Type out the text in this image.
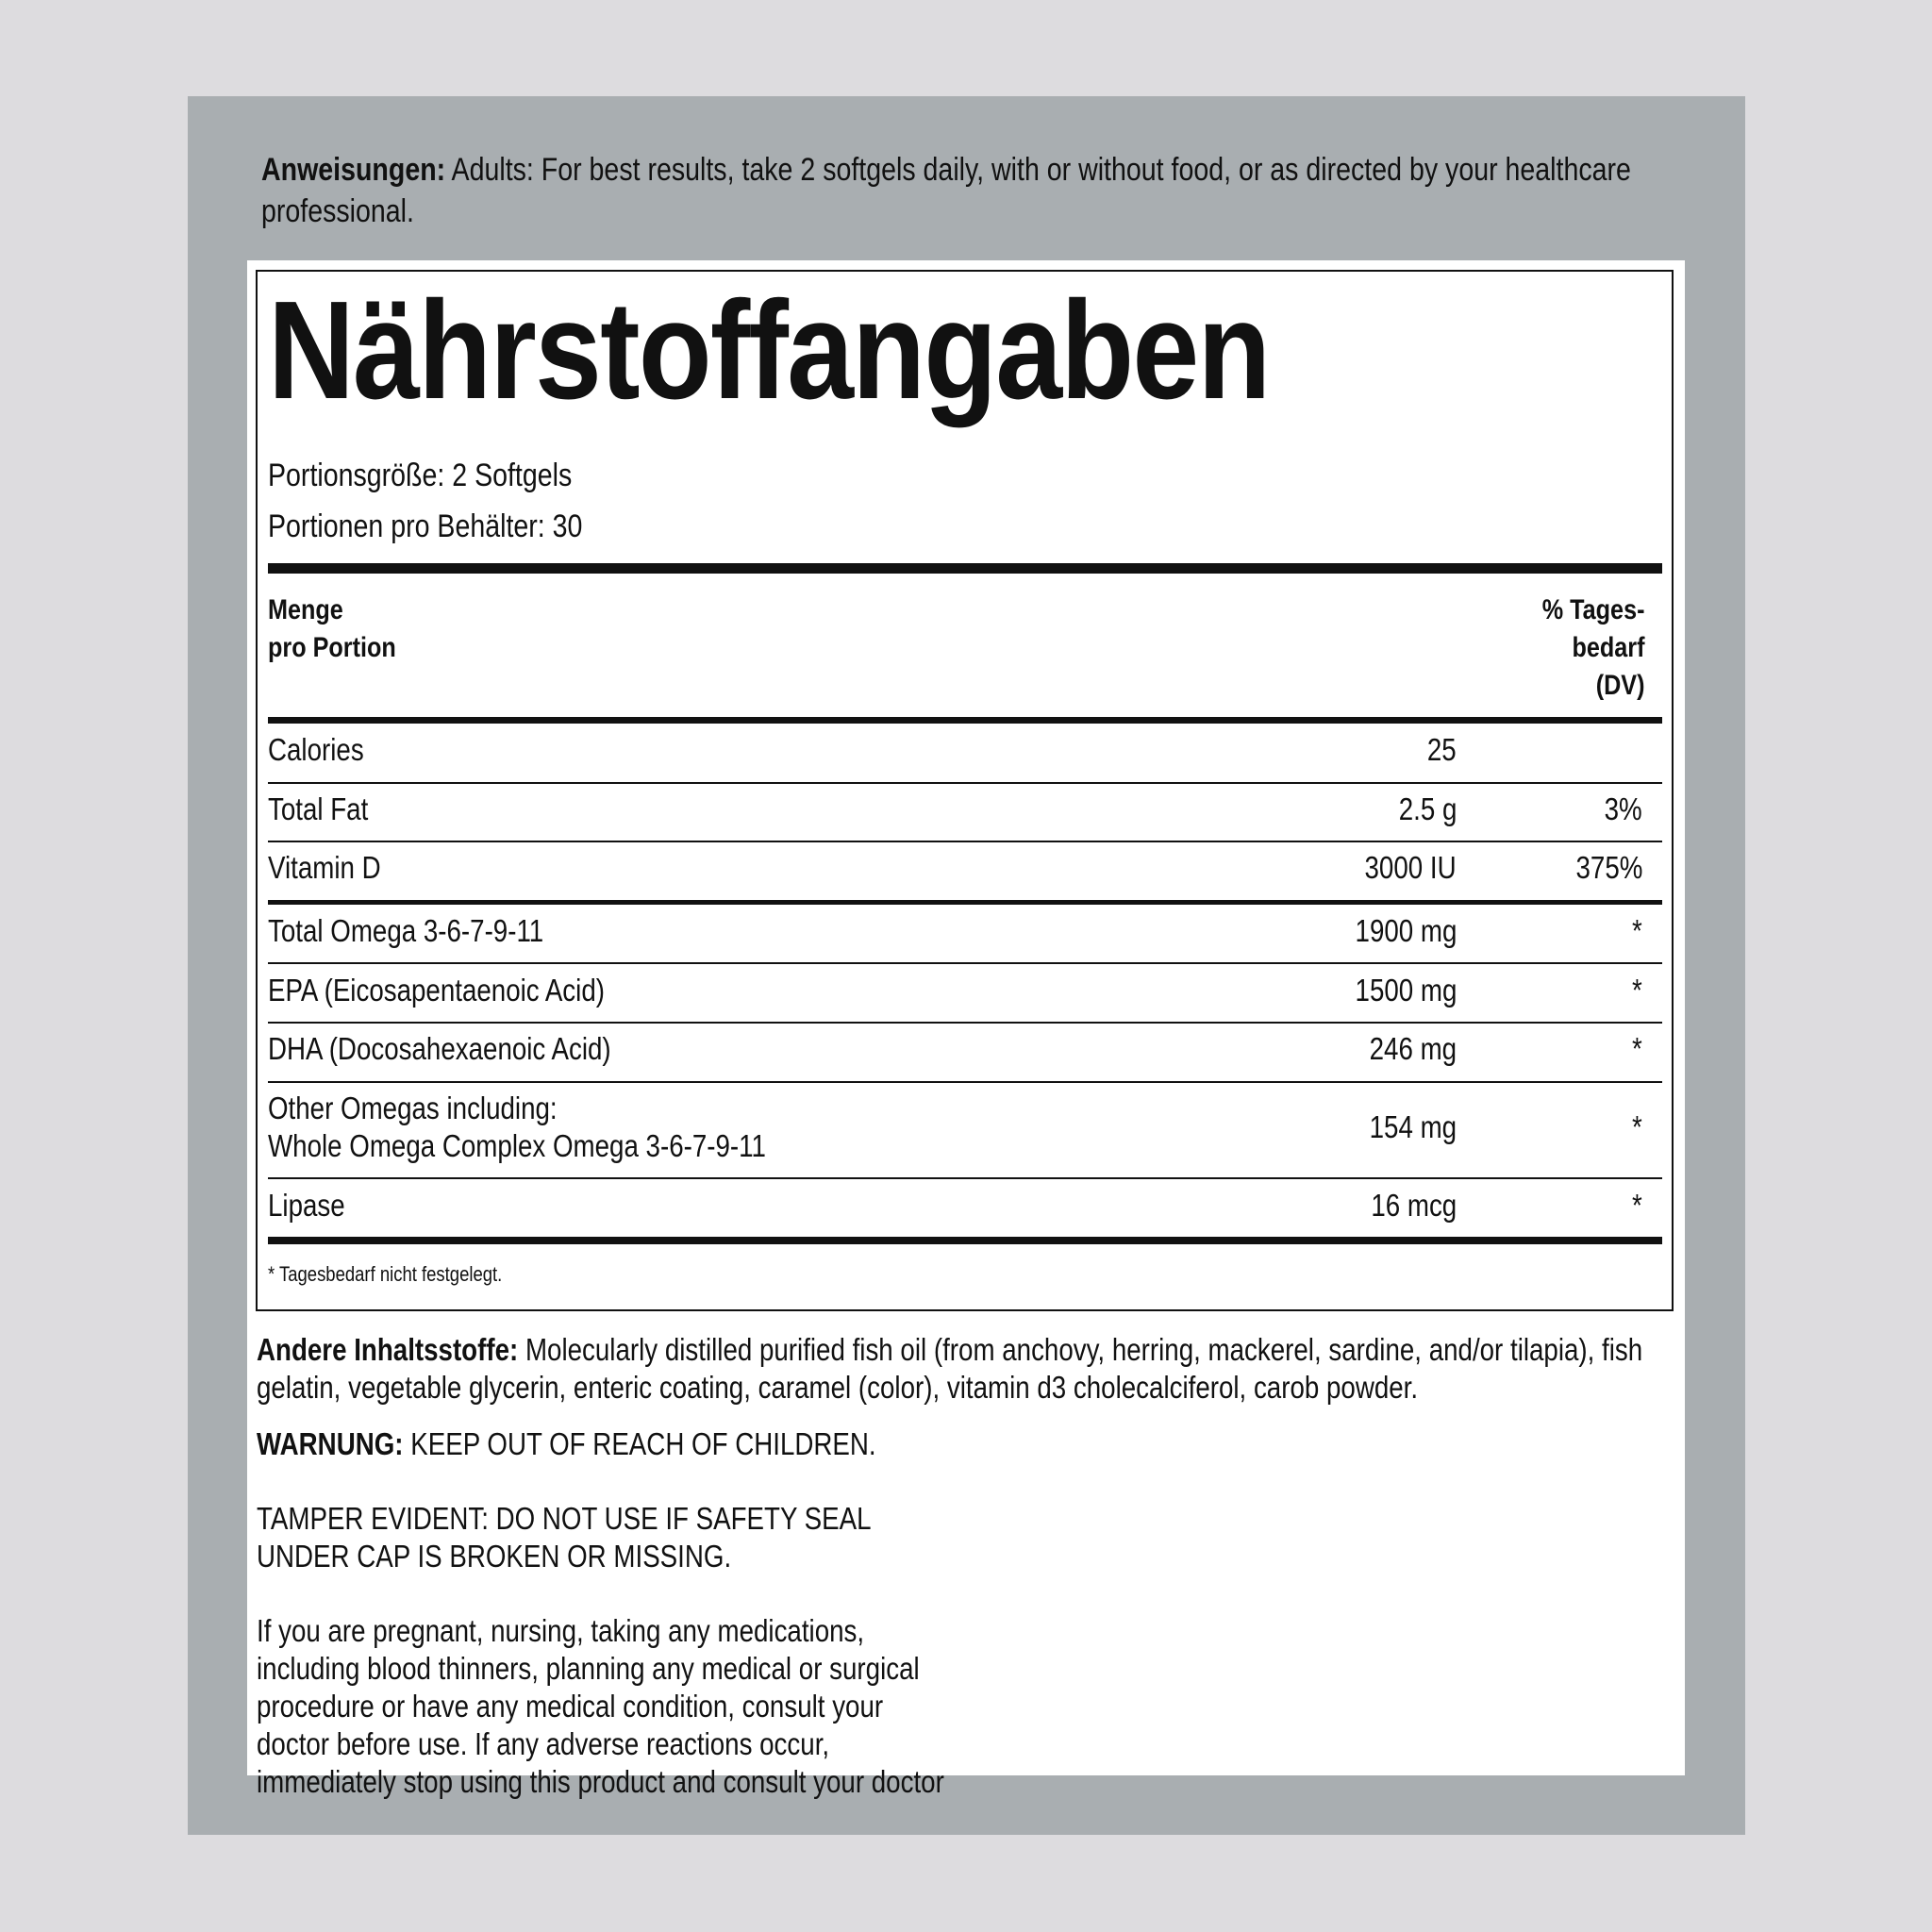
Anweisungen: Adults: For best results, take 2 softgels daily, with or without food, or as directed by your healthcare professional.
Nährstoffangaben
Portionsgröße: 2 Softgels
Portionen pro Behälter: 30
Menge
pro Portion
% Tages-
bedarf
(DV)
Calories	25
Total Fat	2.5 g	3%
Vitamin D	3000 IU	375%
Total Omega 3-6-7-9-11	1900 mg	*
EPA (Eicosapentaenoic Acid)	1500 mg	*
DHA (Docosahexaenoic Acid)	246 mg	*
Other Omegas including:
Whole Omega Complex Omega 3-6-7-9-11
154 mg	*
Lipase	16 mcg	*
* Tagesbedarf nicht festgelegt.
Andere Inhaltsstoffe: Molecularly distilled purified fish oil (from anchovy, herring, mackerel, sardine, and/or tilapia), fish gelatin, vegetable glycerin, enteric coating, caramel (color), vitamin d3 cholecalciferol, carob powder.
WARNUNG: KEEP OUT OF REACH OF CHILDREN.
TAMPER EVIDENT: DO NOT USE IF SAFETY SEAL UNDER CAP IS BROKEN OR MISSING.
If you are pregnant, nursing, taking any medications, including blood thinners, planning any medical or surgical procedure or have any medical condition, consult your doctor before use. If any adverse reactions occur, immediately stop using this product and consult your doctor
